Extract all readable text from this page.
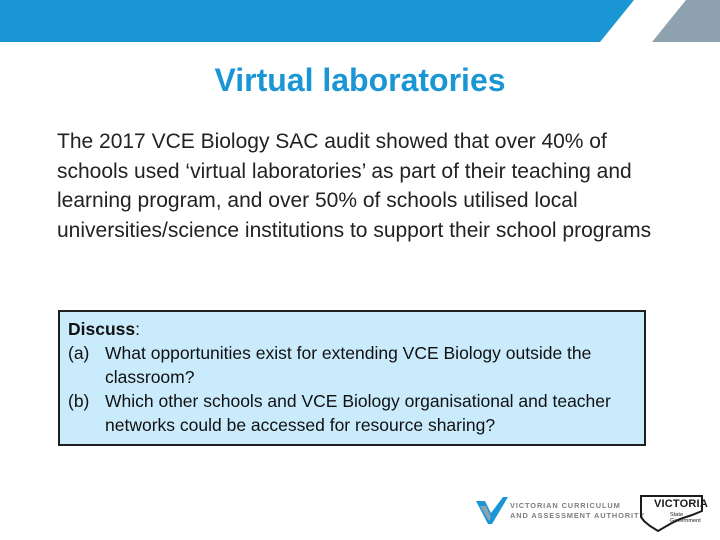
Virtual laboratories

The 2017 VCE Biology SAC audit showed that over 40% of schools used ‘virtual laboratories’ as part of their teaching and learning program, and over 50% of schools utilised local universities/science institutions to support their school programs

Discuss:
(a) What opportunities exist for extending VCE Biology outside the classroom?
(b) Which other schools and VCE Biology organisational and teacher networks could be accessed for resource sharing?
VICTORIAN CURRICULUM
AND ASSESSMENT AUTHORITY
VICTORIA
State
Government
